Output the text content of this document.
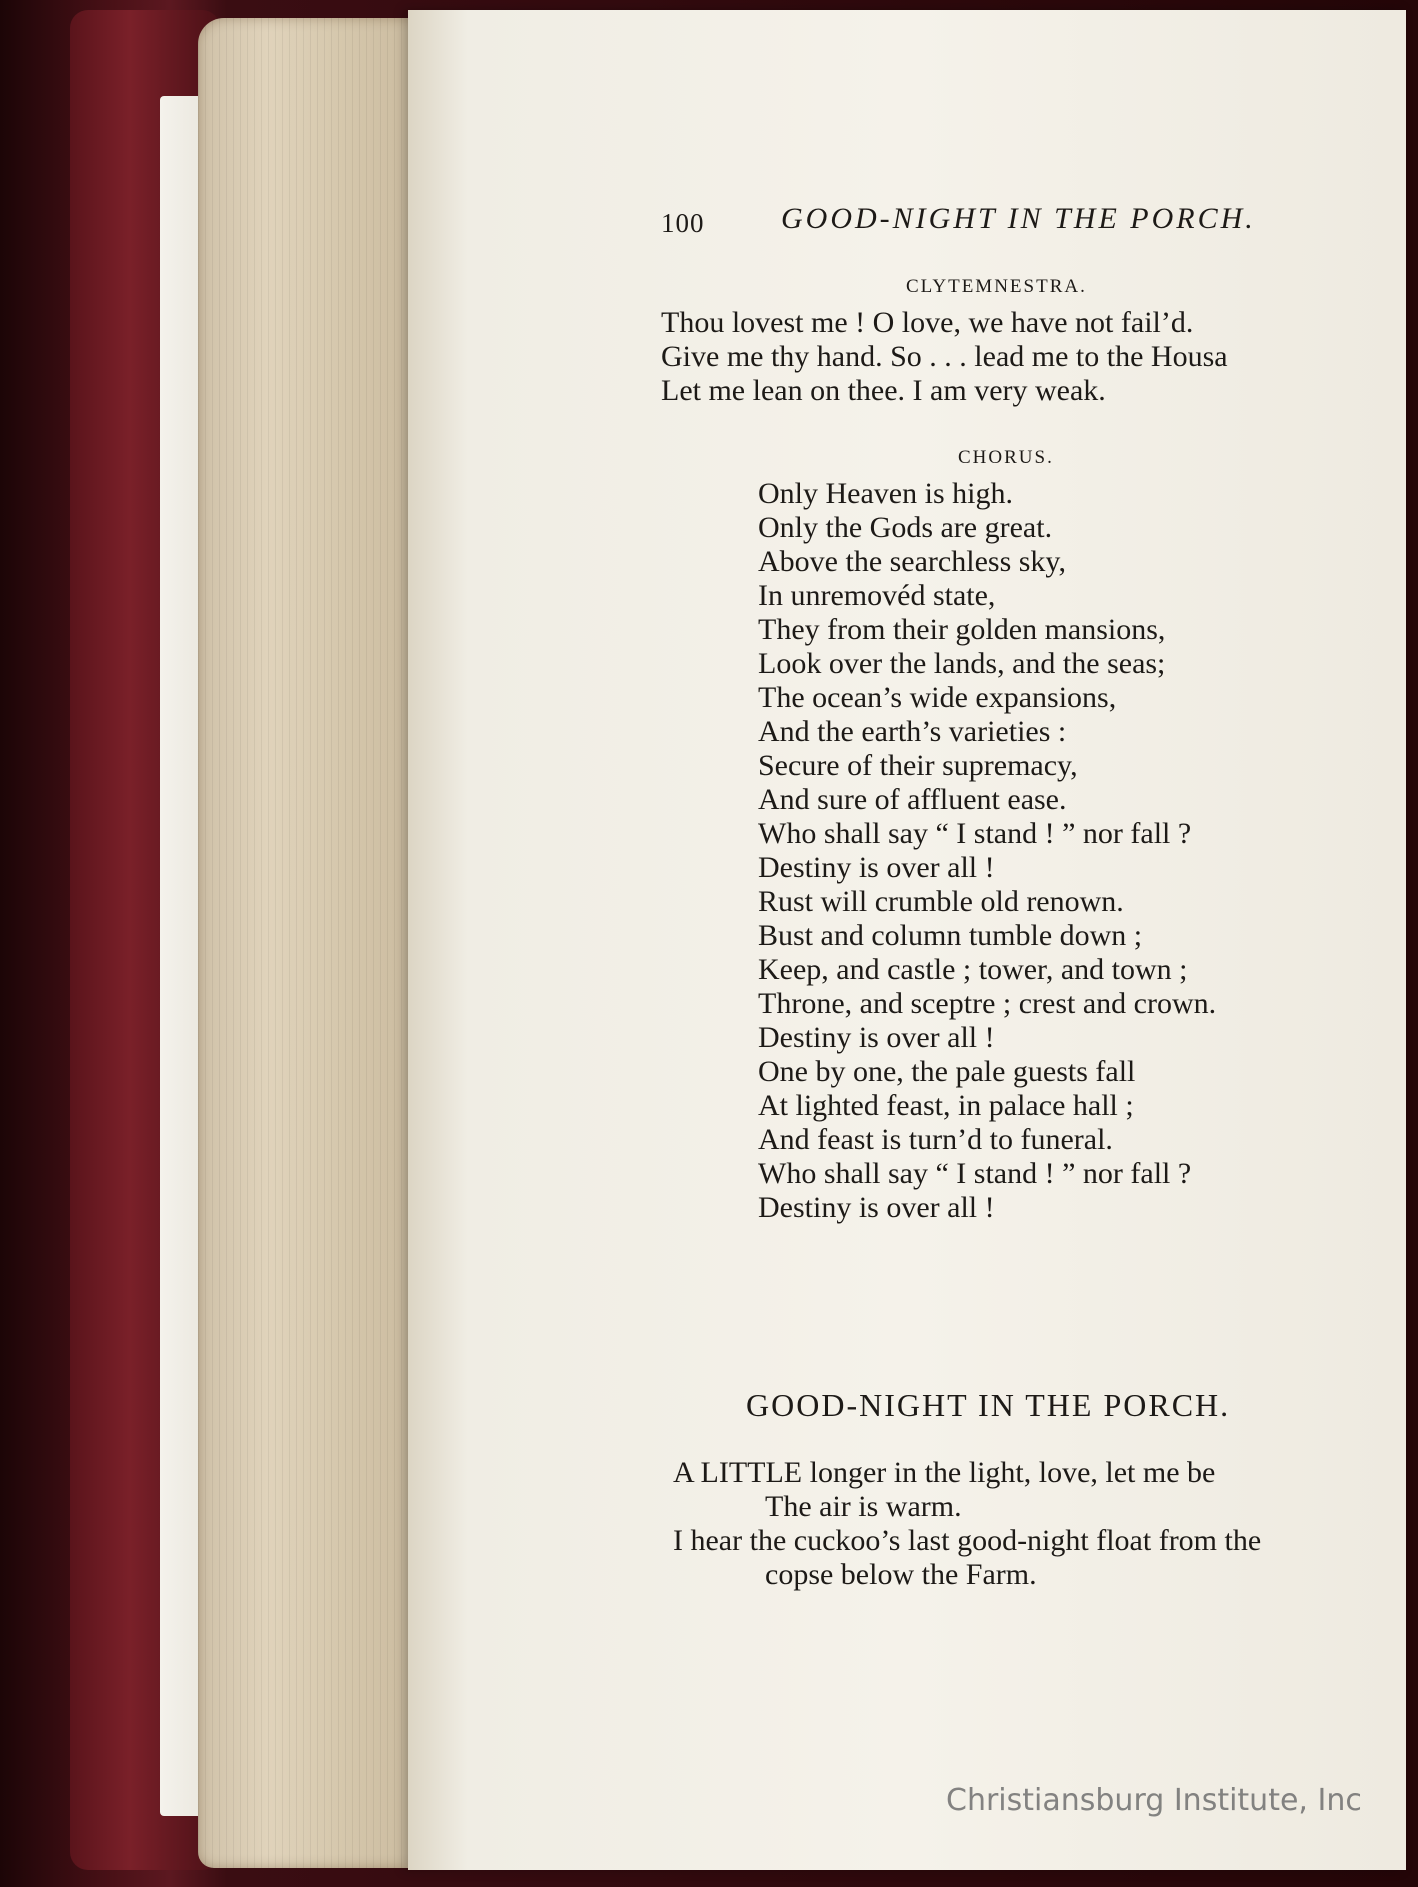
100	GOOD-NIGHT IN THE PORCH.
CLYTEMNESTRA.
Thou lovest me ! O love, we have not fail’d.
Give me thy hand. So . . . lead me to the Housa
Let me lean on thee. I am very weak.
CHORUS.
Only Heaven is high.
Only the Gods are great.
Above the searchless sky,
In unremovéd state,
They from their golden mansions,
Look over the lands, and the seas;
The ocean’s wide expansions,
And the earth’s varieties :
Secure of their supremacy,
And sure of affluent ease.
Who shall say “ I stand ! ” nor fall ?
Destiny is over all !
Rust will crumble old renown.
Bust and column tumble down ;
Keep, and castle ; tower, and town ;
Throne, and sceptre ; crest and crown.
Destiny is over all !
One by one, the pale guests fall
At lighted feast, in palace hall ;
And feast is turn’d to funeral.
Who shall say “ I stand ! ” nor fall ?
Destiny is over all !
GOOD-NIGHT IN THE PORCH.
A LITTLE longer in the light, love, let me be
The air is warm.
I hear the cuckoo’s last good-night float from the
copse below the Farm.
Christiansburg Institute, Inc
